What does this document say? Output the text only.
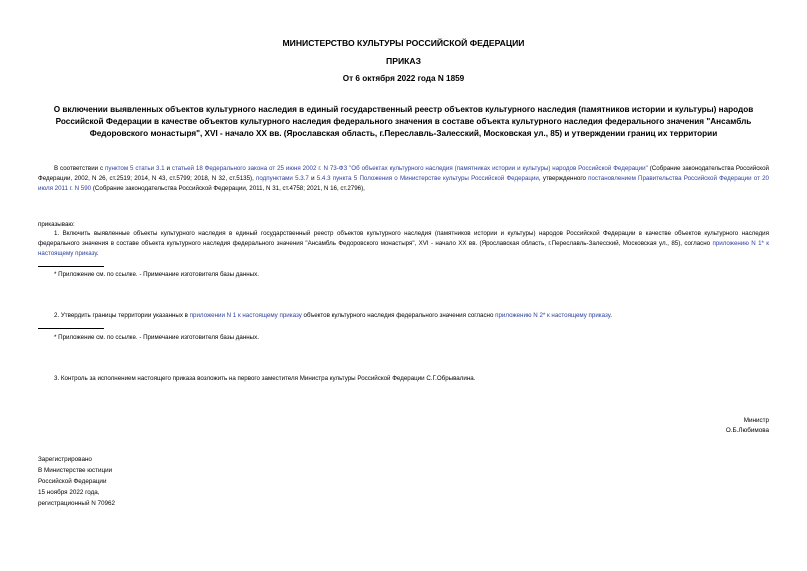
МИНИСТЕРСТВО КУЛЬТУРЫ РОССИЙСКОЙ ФЕДЕРАЦИИ
ПРИКАЗ
От 6 октября 2022 года N 1859
О включении выявленных объектов культурного наследия в единый государственный реестр объектов культурного наследия (памятников истории и культуры) народов Российской Федерации в качестве объектов культурного наследия федерального значения в составе объекта культурного наследия федерального значения "Ансамбль Федоровского монастыря", XVI - начало XX вв. (Ярославская область, г.Переславль-Залесский, Московская ул., 85) и утверждении границ их территории
В соответствии с пунктом 5 статьи 3.1 и статьей 18 Федерального закона от 25 июня 2002 г. N 73-ФЗ "Об объектах культурного наследия (памятниках истории и культуры) народов Российской Федерации" (Собрание законодательства Российской Федерации, 2002, N 26, ст.2519; 2014, N 43, ст.5799; 2018, N 32, ст.5135), подпунктами 5.3.7 и 5.4.3 пункта 5 Положения о Министерстве культуры Российской Федерации, утвержденного постановлением Правительства Российской Федерации от 20 июля 2011 г. N 590 (Собрание законодательства Российской Федерации, 2011, N 31, ст.4758; 2021, N 16, ст.2796),
приказываю:
1. Включить выявленные объекты культурного наследия в единый государственный реестр объектов культурного наследия (памятников истории и культуры) народов Российской Федерации в качестве объектов культурного наследия федерального значения в составе объекта культурного наследия федерального значения "Ансамбль Федоровского монастыря", XVI - начало XX вв. (Ярославская область, г.Переславль-Залесский, Московская ул., 85), согласно приложению N 1* к настоящему приказу.
* Приложение см. по ссылке. - Примечание изготовителя базы данных.
2. Утвердить границы территории указанных в приложении N 1 к настоящему приказу объектов культурного наследия федерального значения согласно приложению N 2* к настоящему приказу.
* Приложение см. по ссылке. - Примечание изготовителя базы данных.
3. Контроль за исполнением настоящего приказа возложить на первого заместителя Министра культуры Российской Федерации С.Г.Обрывалина.
Министр
О.Б.Любимова
Зарегистрировано
В Министерстве юстиции
Российской Федерации
15 ноября 2022 года,
регистрационный N 70962
